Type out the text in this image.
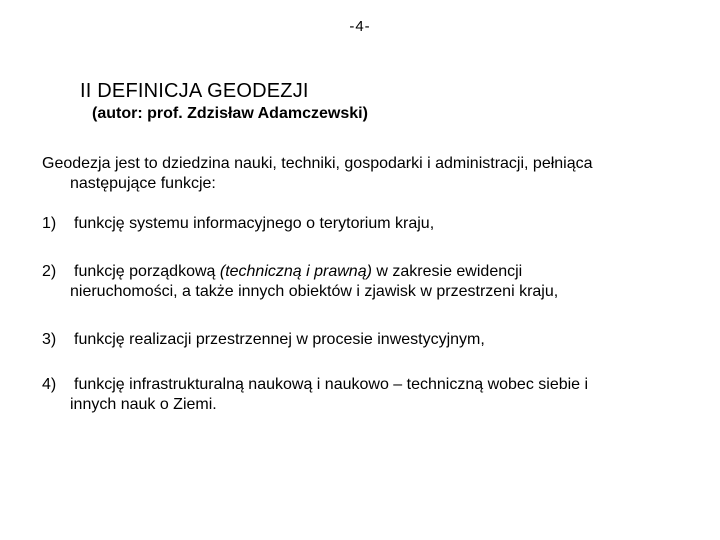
-4-
II DEFINICJA GEODEZJI
(autor: prof. Zdzisław Adamczewski)
Geodezja jest to dziedzina nauki, techniki, gospodarki i administracji, pełniąca
następujące funkcje:
1) funkcję systemu informacyjnego o terytorium kraju,
2) funkcję porządkową (techniczną i prawną) w zakresie ewidencji
nieruchomości, a także innych obiektów i zjawisk w przestrzeni kraju,
3) funkcję realizacji przestrzennej w procesie inwestycyjnym,
4) funkcję infrastrukturalną naukową i naukowo – techniczną wobec siebie i
innych nauk o Ziemi.
